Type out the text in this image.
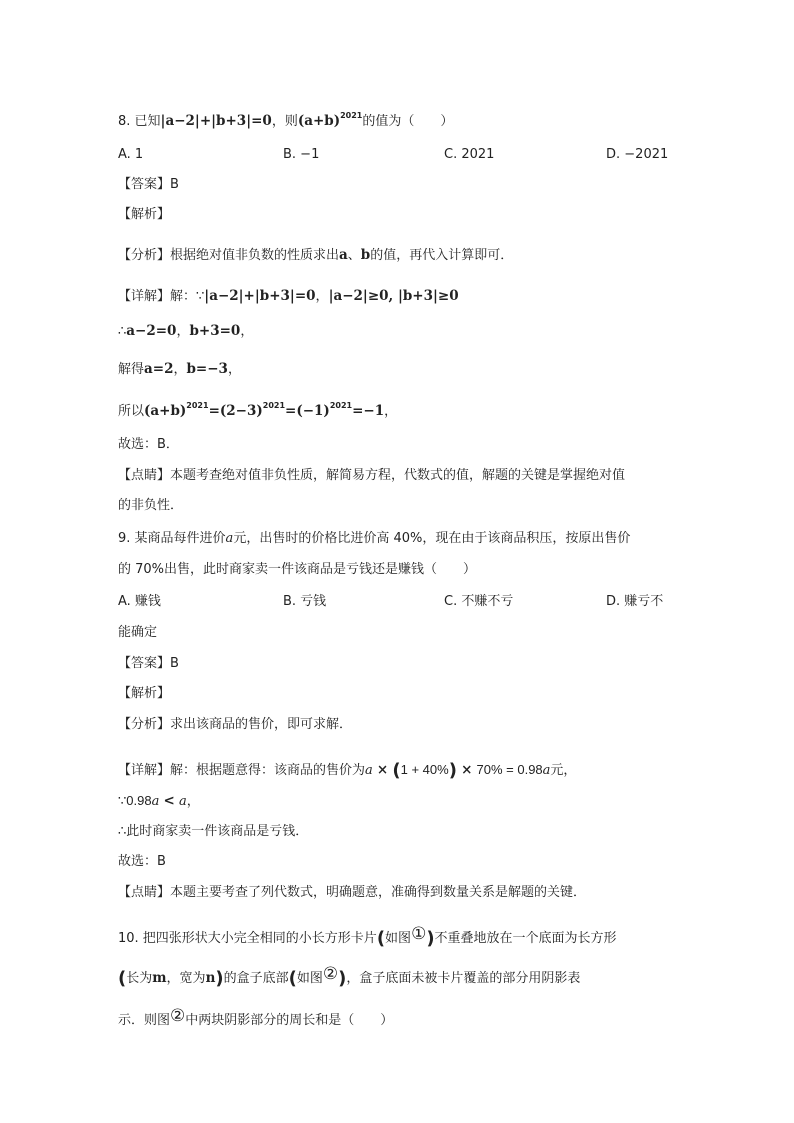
8. 已知|a−2|+|b+3|=0，则$(a+b)^{2021}$的值为（　　）
A. 1	B. −1	C. 2021	D. −2021
【答案】B
【解析】
【分析】根据绝对值非负数的性质求出a、b的值，再代入计算即可．
【详解】解：∵|a−2|+|b+3|=0，|a−2|≥0, |b+3|≥0
∴a−2=0，b+3=0，
解得a=2，b=−3，
所以$(a+b)^{2021}=(2-3)^{2021}=(-1)^{2021}=-1$，
故选：B．
【点睛】本题考查绝对值非负性质，解简易方程，代数式的值，解题的关键是掌握绝对值
的非负性．
9. 某商品每件进价a元，出售时的价格比进价高 40%，现在由于该商品积压，按原出售价
的 70%出售，此时商家卖一件该商品是亏钱还是赚钱（　　）
A. 赚钱	B. 亏钱	C. 不赚不亏	D. 赚亏不
能确定
【答案】B
【解析】
【分析】求出该商品的售价，即可求解．
【详解】解：根据题意得：该商品的售价为a × (1 + 40%) × 70% = 0.98a元，
∵0.98a < a，
∴此时商家卖一件该商品是亏钱．
故选：B
【点睛】本题主要考查了列代数式，明确题意，准确得到数量关系是解题的关键．
10. 把四张形状大小完全相同的小长方形卡片(如图①)不重叠地放在一个底面为长方形
(长为m，宽为n)的盒子底部(如图②)，盒子底面未被卡片覆盖的部分用阴影表
示．则图②中两块阴影部分的周长和是（　　）
